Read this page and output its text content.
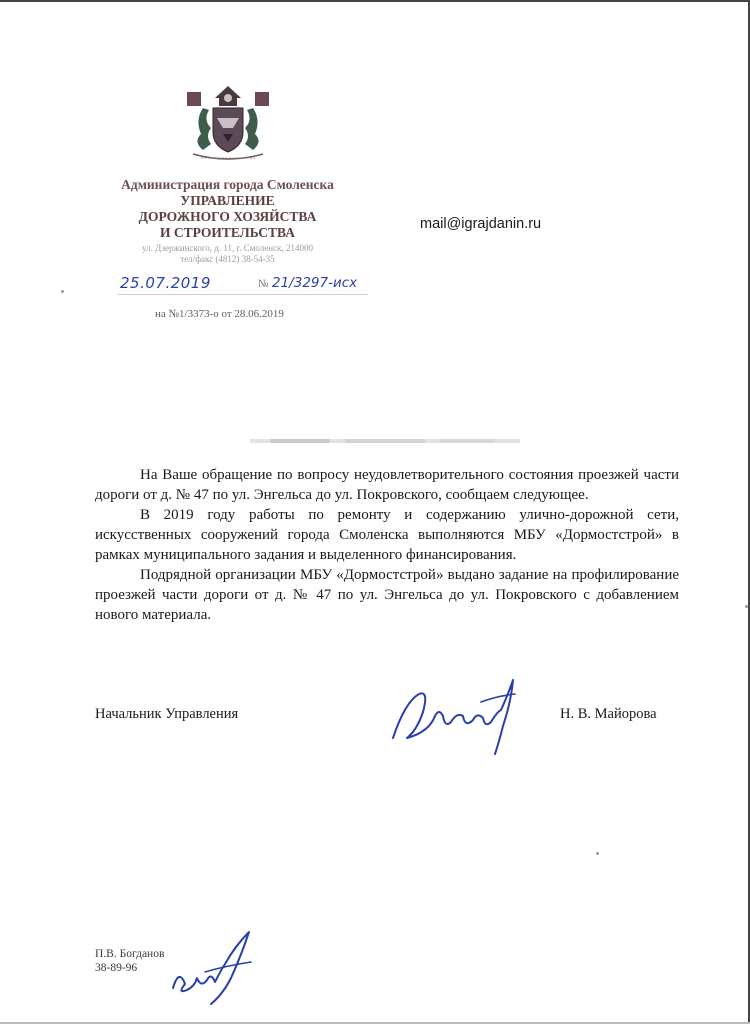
Администрация города Смоленска
УПРАВЛЕНИЕ
ДОРОЖНОГО ХОЗЯЙСТВА
И СТРОИТЕЛЬСТВА
ул. Дзержинского, д. 11, г. Смоленск, 214000
тел/факс (4812) 38-54-35
25.07.2019	№ 21/3297-исх
на №1/3373-о от 28.06.2019
mail@igrajdanin.ru

На Ваше обращение по вопросу неудовлетворительного состояния проезжей части дороги от д. № 47 по ул. Энгельса до ул. Покровского, сообщаем следующее.

В 2019 году работы по ремонту и содержанию улично-дорожной сети, искусственных сооружений города Смоленска выполняются МБУ «Дормостстрой» в рамках муниципального задания и выделенного финансирования.

Подрядной организации МБУ «Дормостстрой» выдано задание на профилирование проезжей части дороги от д. № 47 по ул. Энгельса до ул. Покровского с добавлением нового материала.

Начальник Управления	Н. В. Майорова
П.В. Богданов
38-89-96
